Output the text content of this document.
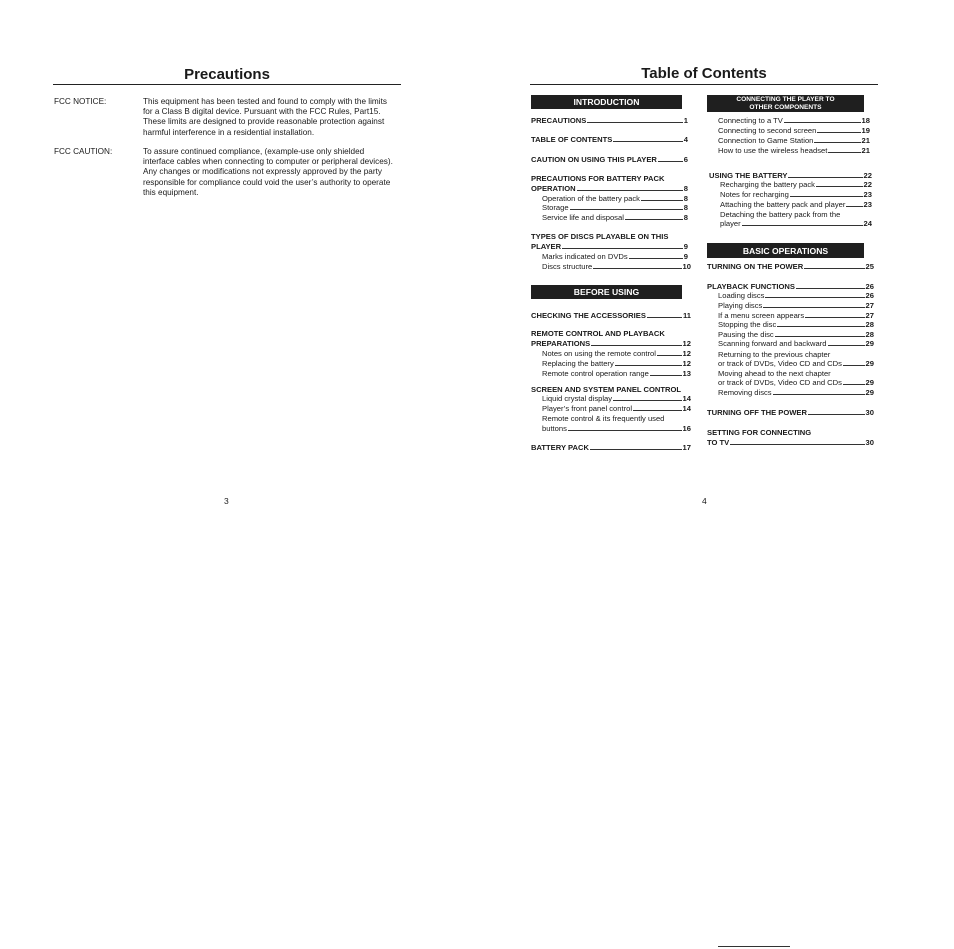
Precautions
FCC NOTICE:	This equipment has been tested and found to comply with the limits
for a Class B digital device. Pursuant with the FCC Rules, Part15.
These limits are designed to provide reasonable protection against
harmful interference in a residential installation.
FCC CAUTION:	To assure continued compliance, (example-use only shielded
interface cables when connecting to computer or peripheral devices).
Any changes or modifications not expressly approved by the party
responsible for compliance could void the user’s authority to operate
this equipment.
3
Table of Contents
INTRODUCTION
BEFORE USING
CONNECTING THE PLAYER TO
OTHER COMPONENTS
BASIC OPERATIONS
PRECAUTIONS	1
TABLE OF CONTENTS	4
CAUTION ON USING THIS PLAYER	6
PRECAUTIONS FOR BATTERY PACK
OPERATION	8
Operation of the battery pack	8
Storage	8
Service life and disposal	8
TYPES OF DISCS PLAYABLE ON THIS
PLAYER	9
Marks indicated on DVDs	9
Discs structure	10
CHECKING THE ACCESSORIES	11
REMOTE CONTROL AND PLAYBACK
PREPARATIONS	12
Notes on using the remote control	12
Replacing the battery	12
Remote control operation range	13
SCREEN AND SYSTEM PANEL CONTROL
Liquid crystal display	14
Player’s front panel control	14
Remote control & its frequently used
buttons	16
BATTERY PACK	17
Connecting to a TV	18
Connecting to second screen	19
Connection to Game Station	21
How to use the wireless headset	21
USING THE BATTERY	22
Recharging the battery pack	22
Notes for recharging	23
Attaching the battery pack and player 23
Detaching the battery pack from the
player	24
TURNING ON THE POWER	25
PLAYBACK FUNCTIONS	26
Loading discs	26
Playing discs	27
If a menu screen appears	27
Stopping the disc	28
Pausing the disc	28
Scanning forward and backward	29
Returning to the previous chapter
or track of DVDs, Video CD and CDs	29
Moving ahead to the next chapter
or track of DVDs, Video CD and CDs	29
Removing discs	29
TURNING OFF THE POWER	30
SETTING FOR CONNECTING
TO TV	30
4
